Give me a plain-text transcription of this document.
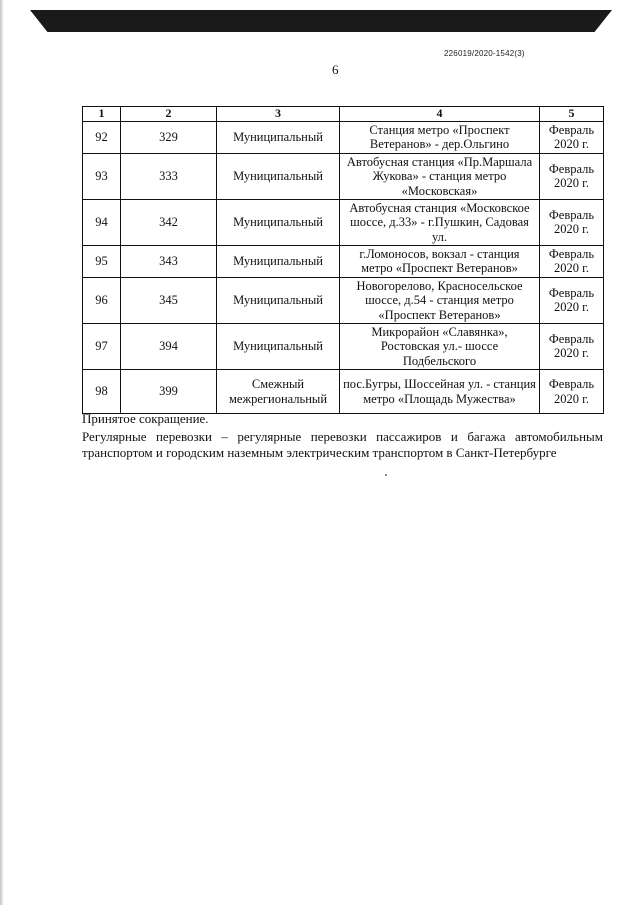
226019/2020-1542(3)
6
1	2	3	4	5
92	329	Муниципальный	Станция метро «Проспект Ветеранов» - дер.Ольгино	Февраль 2020 г.
93	333	Муниципальный	Автобусная станция «Пр.Маршала Жукова» - станция метро «Московская»	Февраль 2020 г.
94	342	Муниципальный	Автобусная станция «Московское шоссе, д.33» - г.Пушкин, Садовая ул.	Февраль 2020 г.
95	343	Муниципальный	г.Ломоносов, вокзал - станция метро «Проспект Ветеранов»	Февраль 2020 г.
96	345	Муниципальный	Новогорелово, Красносельское шоссе, д.54 - станция метро «Проспект Ветеранов»	Февраль 2020 г.
97	394	Муниципальный	Микрорайон «Славянка», Ростовская ул.- шоссе Подбельского	Февраль 2020 г.
98	399	Смежный межрегиональный	пос.Бугры, Шоссейная ул. - станция метро «Площадь Мужества»	Февраль 2020 г.

Принятое сокращение.

Регулярные перевозки – регулярные перевозки пассажиров и багажа автомобильным транспортом и городским наземным электрическим транспортом в Санкт-Петербурге
